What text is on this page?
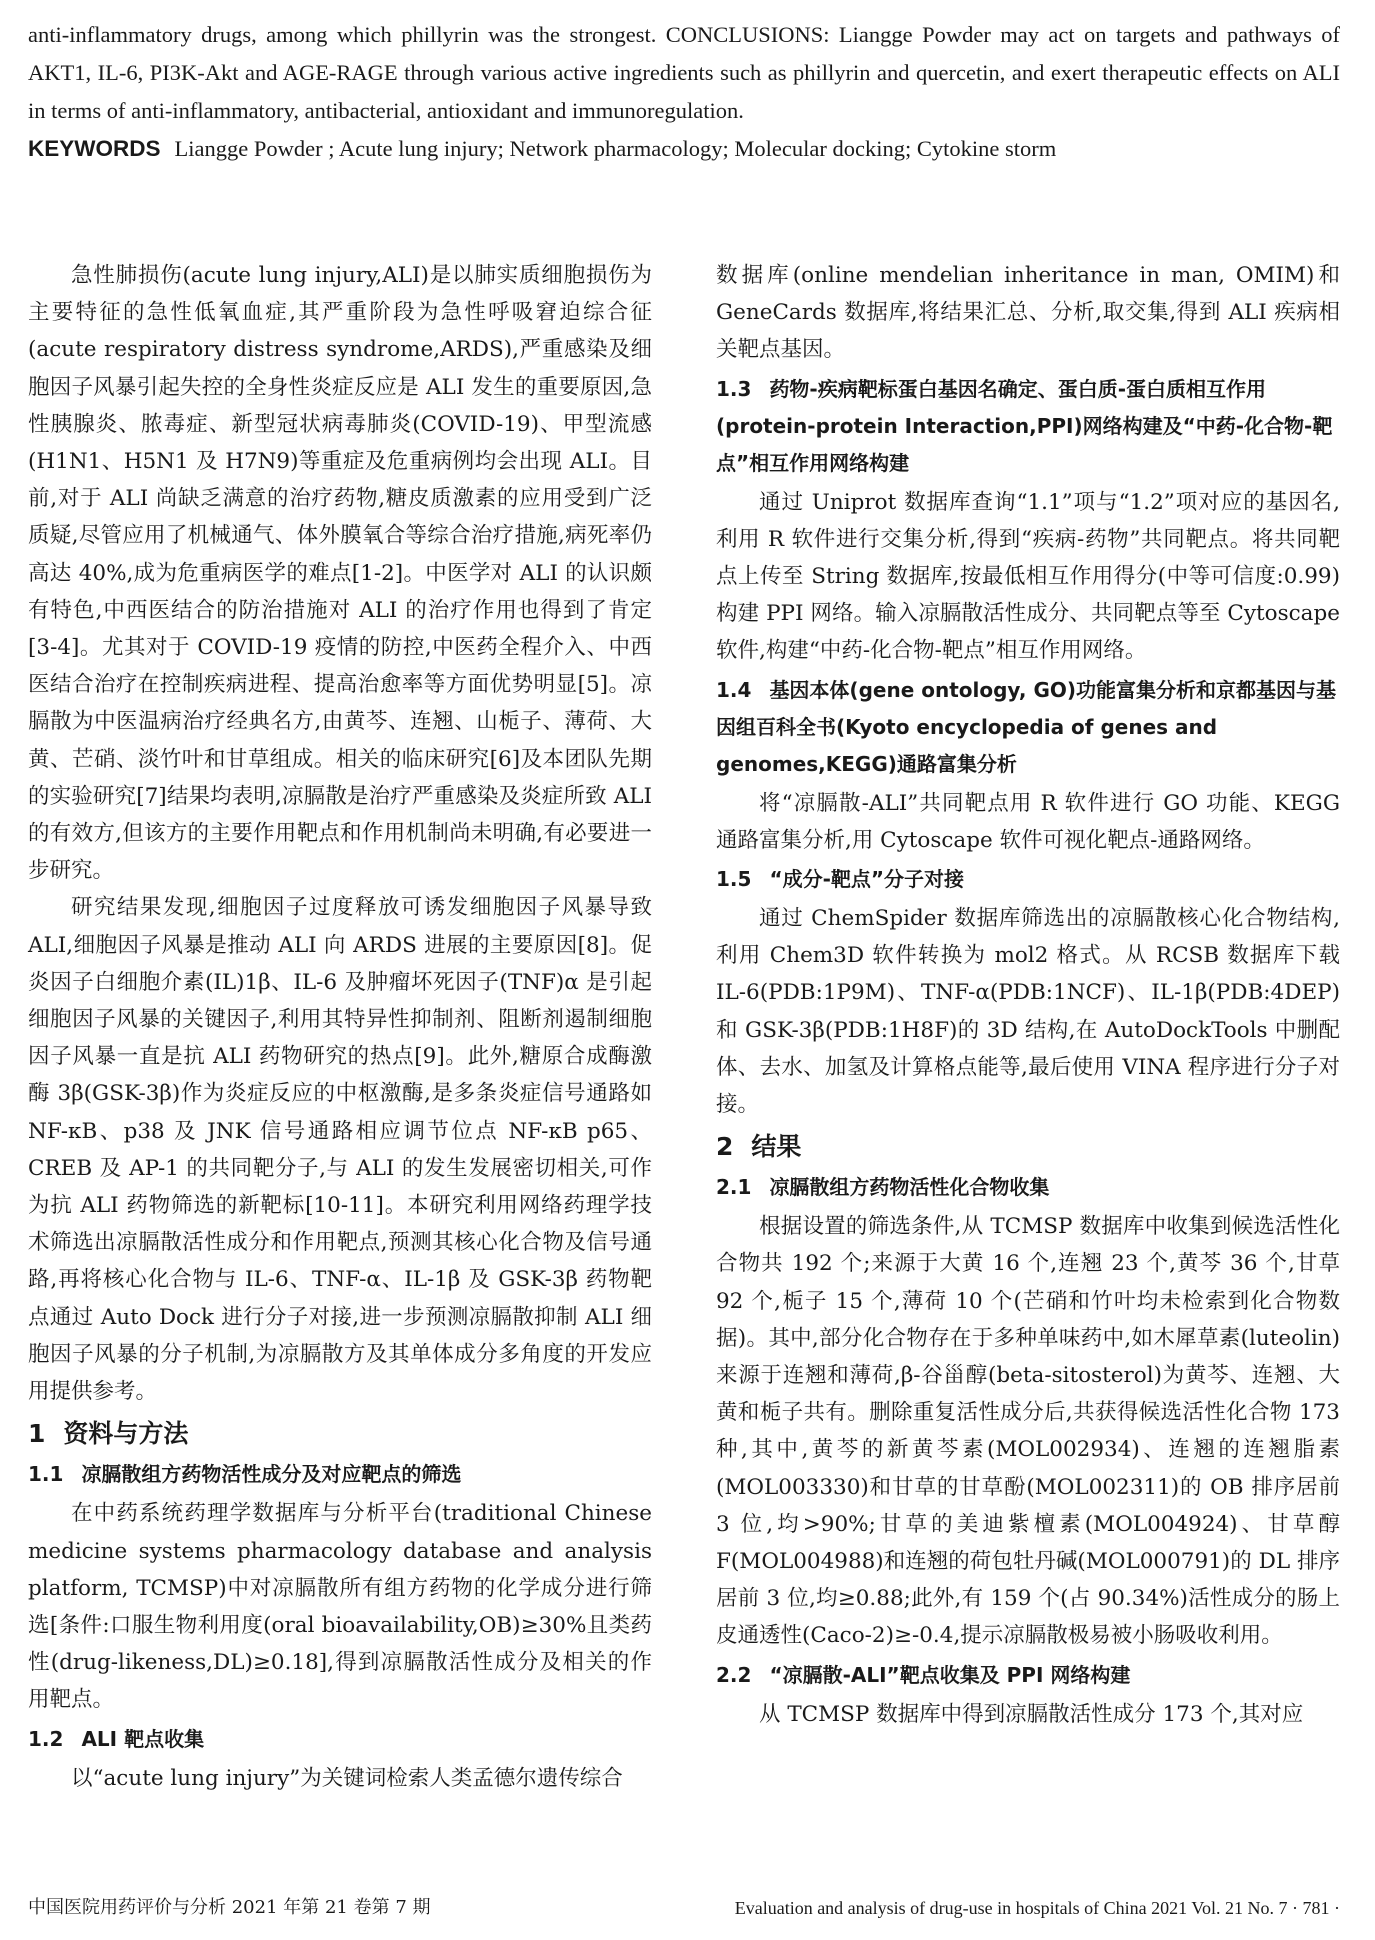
anti-inflammatory drugs, among which phillyrin was the strongest. CONCLUSIONS: Liangge Powder may act on targets and pathways of AKT1, IL-6, PI3K-Akt and AGE-RAGE through various active ingredients such as phillyrin and quercetin, and exert therapeutic effects on ALI in terms of anti-inflammatory, antibacterial, antioxidant and immunoregulation.

KEYWORDS Liangge Powder ; Acute lung injury; Network pharmacology; Molecular docking; Cytokine storm

急性肺损伤(acute lung injury,ALI)是以肺实质细胞损伤为主要特征的急性低氧血症,其严重阶段为急性呼吸窘迫综合征(acute respiratory distress syndrome,ARDS),严重感染及细胞因子风暴引起失控的全身性炎症反应是 ALI 发生的重要原因,急性胰腺炎、脓毒症、新型冠状病毒肺炎(COVID-19)、甲型流感(H1N1、H5N1 及 H7N9)等重症及危重病例均会出现 ALI。目前,对于 ALI 尚缺乏满意的治疗药物,糖皮质激素的应用受到广泛质疑,尽管应用了机械通气、体外膜氧合等综合治疗措施,病死率仍高达 40%,成为危重病医学的难点[1-2]。中医学对 ALI 的认识颇有特色,中西医结合的防治措施对 ALI 的治疗作用也得到了肯定[3-4]。尤其对于 COVID-19 疫情的防控,中医药全程介入、中西医结合治疗在控制疾病进程、提高治愈率等方面优势明显[5]。凉膈散为中医温病治疗经典名方,由黄芩、连翘、山栀子、薄荷、大黄、芒硝、淡竹叶和甘草组成。相关的临床研究[6]及本团队先期的实验研究[7]结果均表明,凉膈散是治疗严重感染及炎症所致 ALI 的有效方,但该方的主要作用靶点和作用机制尚未明确,有必要进一步研究。

研究结果发现,细胞因子过度释放可诱发细胞因子风暴导致 ALI,细胞因子风暴是推动 ALI 向 ARDS 进展的主要原因[8]。促炎因子白细胞介素(IL)1β、IL-6 及肿瘤坏死因子(TNF)α 是引起细胞因子风暴的关键因子,利用其特异性抑制剂、阻断剂遏制细胞因子风暴一直是抗 ALI 药物研究的热点[9]。此外,糖原合成酶激酶 3β(GSK-3β)作为炎症反应的中枢激酶,是多条炎症信号通路如 NF-κB、p38 及 JNK 信号通路相应调节位点 NF-κB p65、CREB 及 AP-1 的共同靶分子,与 ALI 的发生发展密切相关,可作为抗 ALI 药物筛选的新靶标[10-11]。本研究利用网络药理学技术筛选出凉膈散活性成分和作用靶点,预测其核心化合物及信号通路,再将核心化合物与 IL-6、TNF-α、IL-1β 及 GSK-3β 药物靶点通过 Auto Dock 进行分子对接,进一步预测凉膈散抑制 ALI 细胞因子风暴的分子机制,为凉膈散方及其单体成分多角度的开发应用提供参考。

1 资料与方法
1.1 凉膈散组方药物活性成分及对应靶点的筛选

在中药系统药理学数据库与分析平台(traditional Chinese medicine systems pharmacology database and analysis platform, TCMSP)中对凉膈散所有组方药物的化学成分进行筛选[条件:口服生物利用度(oral bioavailability,OB)≥30%且类药性(drug-likeness,DL)≥0.18],得到凉膈散活性成分及相关的作用靶点。

1.2 ALI 靶点收集

以“acute lung injury”为关键词检索人类孟德尔遗传综合

数据库(online mendelian inheritance in man, OMIM)和 GeneCards 数据库,将结果汇总、分析,取交集,得到 ALI 疾病相关靶点基因。

1.3 药物-疾病靶标蛋白基因名确定、蛋白质-蛋白质相互作用(protein-protein Interaction,PPI)网络构建及“中药-化合物-靶点”相互作用网络构建

通过 Uniprot 数据库查询“1.1”项与“1.2”项对应的基因名,利用 R 软件进行交集分析,得到“疾病-药物”共同靶点。将共同靶点上传至 String 数据库,按最低相互作用得分(中等可信度:0.99)构建 PPI 网络。输入凉膈散活性成分、共同靶点等至 Cytoscape 软件,构建“中药-化合物-靶点”相互作用网络。

1.4 基因本体(gene ontology, GO)功能富集分析和京都基因与基因组百科全书(Kyoto encyclopedia of genes and genomes,KEGG)通路富集分析

将“凉膈散-ALI”共同靶点用 R 软件进行 GO 功能、KEGG 通路富集分析,用 Cytoscape 软件可视化靶点-通路网络。

1.5 “成分-靶点”分子对接

通过 ChemSpider 数据库筛选出的凉膈散核心化合物结构,利用 Chem3D 软件转换为 mol2 格式。从 RCSB 数据库下载 IL-6(PDB:1P9M)、TNF-α(PDB:1NCF)、IL-1β(PDB:4DEP)和 GSK-3β(PDB:1H8F)的 3D 结构,在 AutoDockTools 中删配体、去水、加氢及计算格点能等,最后使用 VINA 程序进行分子对接。

2 结果
2.1 凉膈散组方药物活性化合物收集

根据设置的筛选条件,从 TCMSP 数据库中收集到候选活性化合物共 192 个;来源于大黄 16 个,连翘 23 个,黄芩 36 个,甘草 92 个,栀子 15 个,薄荷 10 个(芒硝和竹叶均未检索到化合物数据)。其中,部分化合物存在于多种单味药中,如木犀草素(luteolin)来源于连翘和薄荷,β-谷甾醇(beta-sitosterol)为黄芩、连翘、大黄和栀子共有。删除重复活性成分后,共获得候选活性化合物 173 种,其中,黄芩的新黄芩素(MOL002934)、连翘的连翘脂素(MOL003330)和甘草的甘草酚(MOL002311)的 OB 排序居前 3 位,均>90%;甘草的美迪紫檀素(MOL004924)、甘草醇 F(MOL004988)和连翘的荷包牡丹碱(MOL000791)的 DL 排序居前 3 位,均≥0.88;此外,有 159 个(占 90.34%)活性成分的肠上皮通透性(Caco-2)≥-0.4,提示凉膈散极易被小肠吸收利用。

2.2 “凉膈散-ALI”靶点收集及 PPI 网络构建

从 TCMSP 数据库中得到凉膈散活性成分 173 个,其对应

中国医院用药评价与分析 2021 年第 21 卷第 7 期	Evaluation and analysis of drug-use in hospitals of China 2021 Vol. 21 No. 7 · 781 ·
